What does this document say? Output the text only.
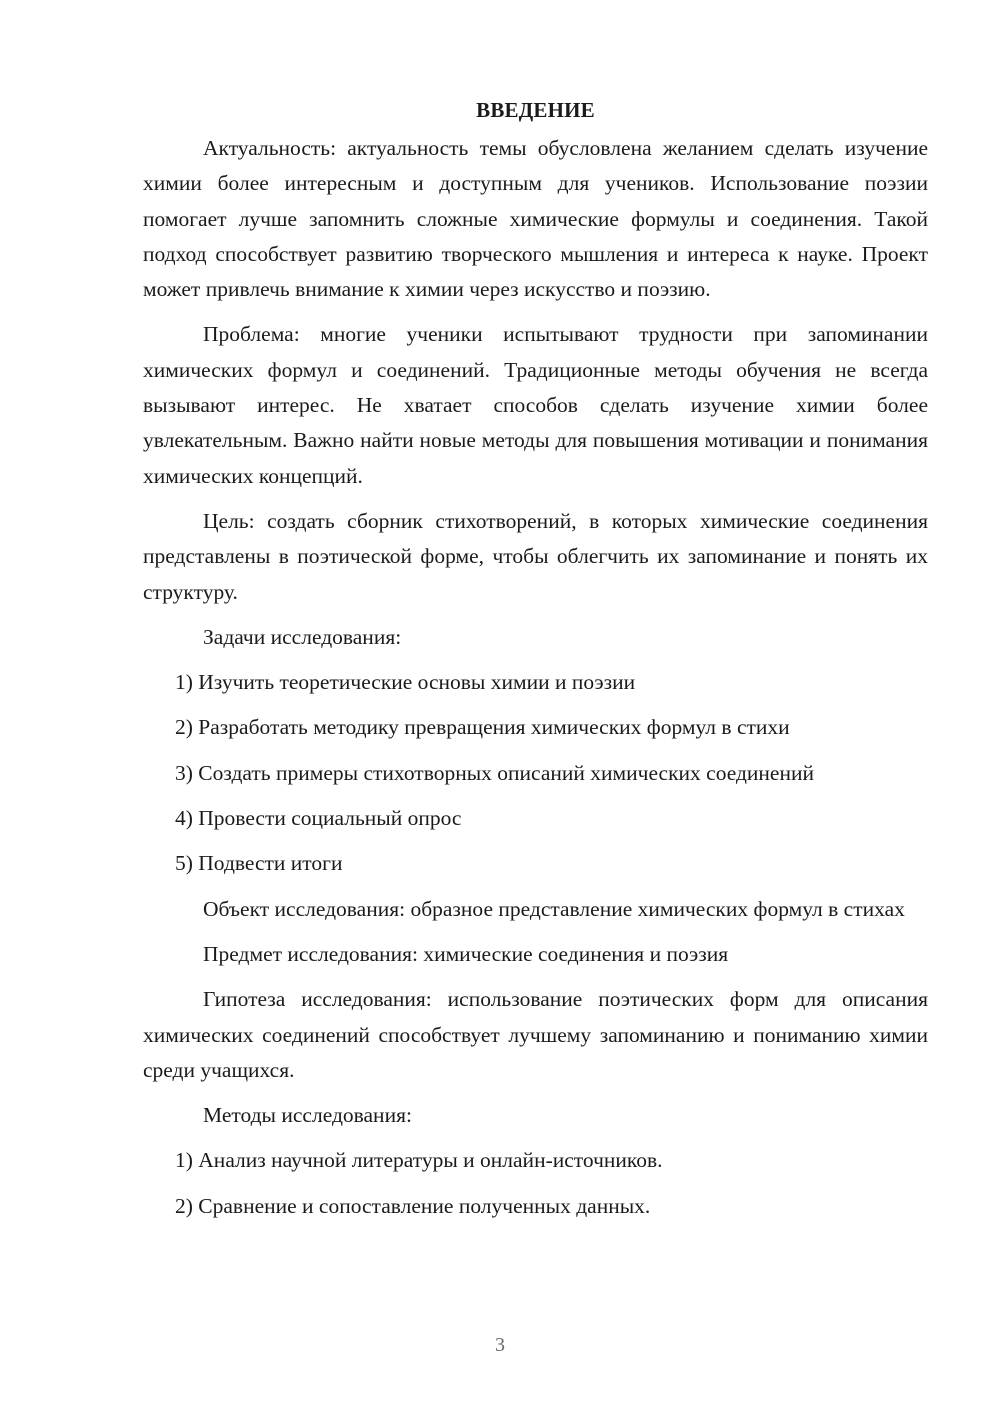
ВВЕДЕНИЕ

Актуальность: актуальность темы обусловлена желанием сделать изучение химии более интересным и доступным для учеников. Использование поэзии помогает лучше запомнить сложные химические формулы и соединения. Такой подход способствует развитию творческого мышления и интереса к науке. Проект может привлечь внимание к химии через искусство и поэзию.

Проблема: многие ученики испытывают трудности при запоминании химических формул и соединений. Традиционные методы обучения не всегда вызывают интерес. Не хватает способов сделать изучение химии более увлекательным. Важно найти новые методы для повышения мотивации и понимания химических концепций.

Цель: создать сборник стихотворений, в которых химические соединения представлены в поэтической форме, чтобы облегчить их запоминание и понять их структуру.

Задачи исследования:
1) Изучить теоретические основы химии и поэзии
2) Разработать методику превращения химических формул в стихи
3) Создать примеры стихотворных описаний химических соединений
4) Провести социальный опрос
5) Подвести итоги

Объект исследования: образное представление химических формул в стихах

Предмет исследования: химические соединения и поэзия

Гипотеза исследования: использование поэтических форм для описания химических соединений способствует лучшему запоминанию и пониманию химии среди учащихся.

Методы исследования:
1) Анализ научной литературы и онлайн-источников.
2) Сравнение и сопоставление полученных данных.
3
